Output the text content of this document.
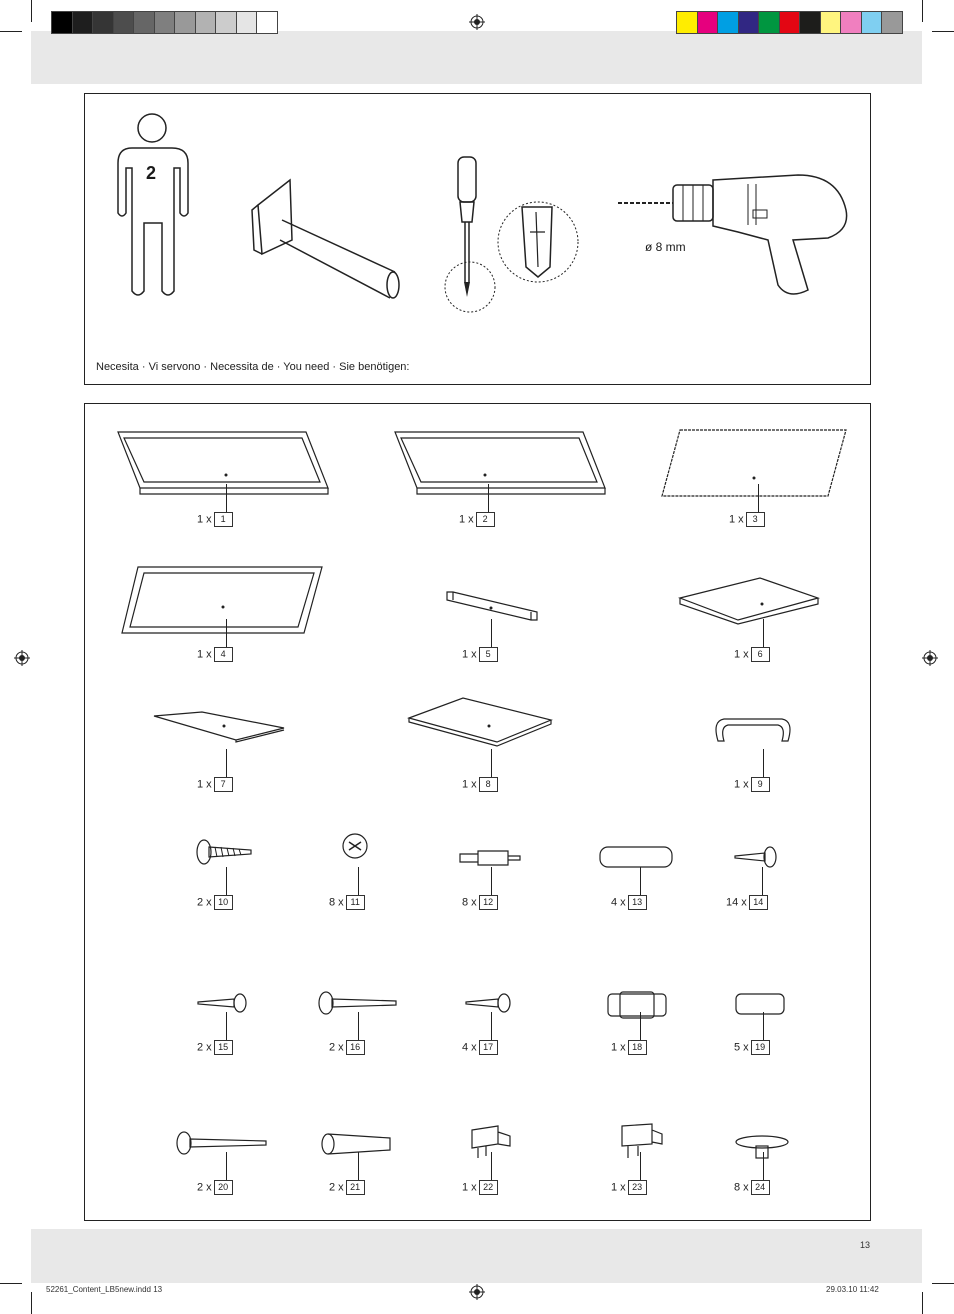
2
ø 8 mm
Necesita · Vi servono · Necessita de · You need · Sie benötigen:
1 x 1	1 x 2	1 x 3
1 x 4	1 x 5	1 x 6
1 x 7	1 x 8	1 x 9
2 x 10	8 x 11	8 x 12	4 x 13	14 x 14
2 x 15	2 x 16	4 x 17	1 x 18	5 x 19
2 x 20	2 x 21	1 x 22	1 x 23	8 x 24
13
52261_Content_LB5new.indd 13	29.03.10 11:42
